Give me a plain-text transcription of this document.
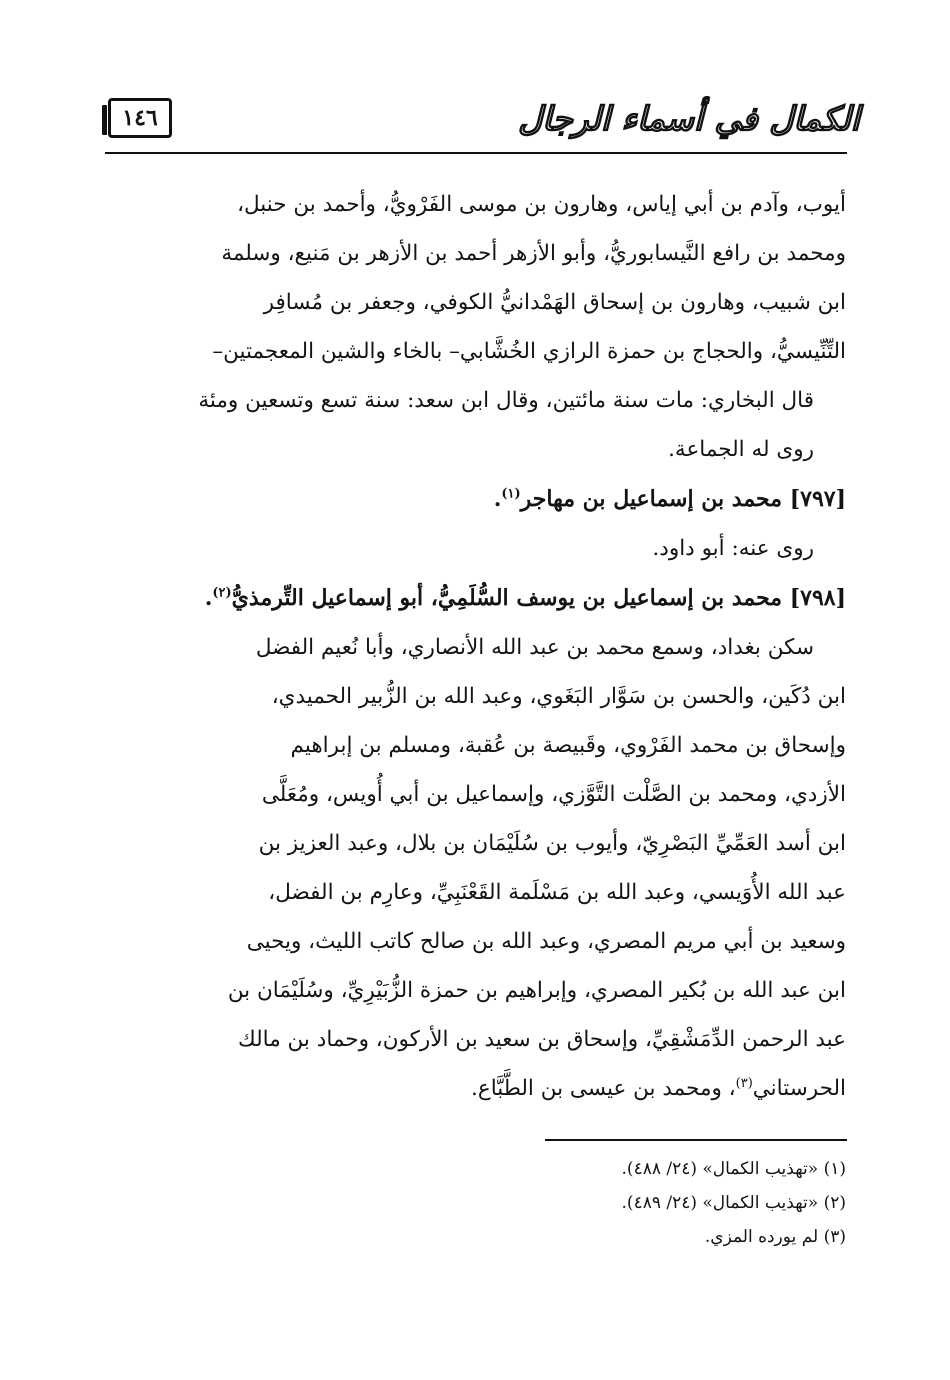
١٤٦	الكمال في أسماء الرجال
أيوب، وآدم بن أبي إياس، وهارون بن موسى الفَرْويُّ، وأحمد بن حنبل،
ومحمد بن رافع النَّيسابوريُّ، وأبو الأزهر أحمد بن الأزهر بن مَنيع، وسلمة
ابن شبيب، وهارون بن إسحاق الهَمْدانيُّ الكوفي، وجعفر بن مُسافِر
التِّنِّيسيُّ، والحجاج بن حمزة الرازي الخُشَّابي– بالخاء والشين المعجمتين–
قال البخاري: مات سنة مائتين، وقال ابن سعد: سنة تسع وتسعين ومئة
روى له الجماعة.
[٧٩٧] محمد بن إسماعيل بن مهاجر$^{(١)}$.
روى عنه: أبو داود.
[٧٩٨] محمد بن إسماعيل بن يوسف السُّلَمِيُّ، أبو إسماعيل التِّرمذيُّ$^{(٢)}$.
سكن بغداد، وسمع محمد بن عبد الله الأنصاري، وأبا نُعيم الفضل
ابن دُكَين، والحسن بن سَوَّار البَغَوي، وعبد الله بن الزُّبير الحميدي،
وإسحاق بن محمد الفَرْوي، وقَبيصة بن عُقبة، ومسلم بن إبراهيم
الأزدي، ومحمد بن الصَّلْت التَّوَّزي، وإسماعيل بن أبي أُويس، ومُعَلَّى
ابن أسد العَمِّيِّ البَصْرِيّ، وأيوب بن سُلَيْمَان بن بلال، وعبد العزيز بن
عبد الله الأُوَيسي، وعبد الله بن مَسْلَمة القَعْنَبِيِّ، وعارِم بن الفضل،
وسعيد بن أبي مريم المصري، وعبد الله بن صالح كاتب الليث، ويحيى
ابن عبد الله بن بُكير المصري، وإبراهيم بن حمزة الزُّبَيْرِيِّ، وسُلَيْمَان بن
عبد الرحمن الدِّمَشْقِيِّ، وإسحاق بن سعيد بن الأركون، وحماد بن مالك
الحرستاني$^{(٣)}$، ومحمد بن عيسى بن الطَّبَّاع.
(١) «تهذيب الكمال» (٢٤/ ٤٨٨).
(٢) «تهذيب الكمال» (٢٤/ ٤٨٩).
(٣) لم يورده المزي.
